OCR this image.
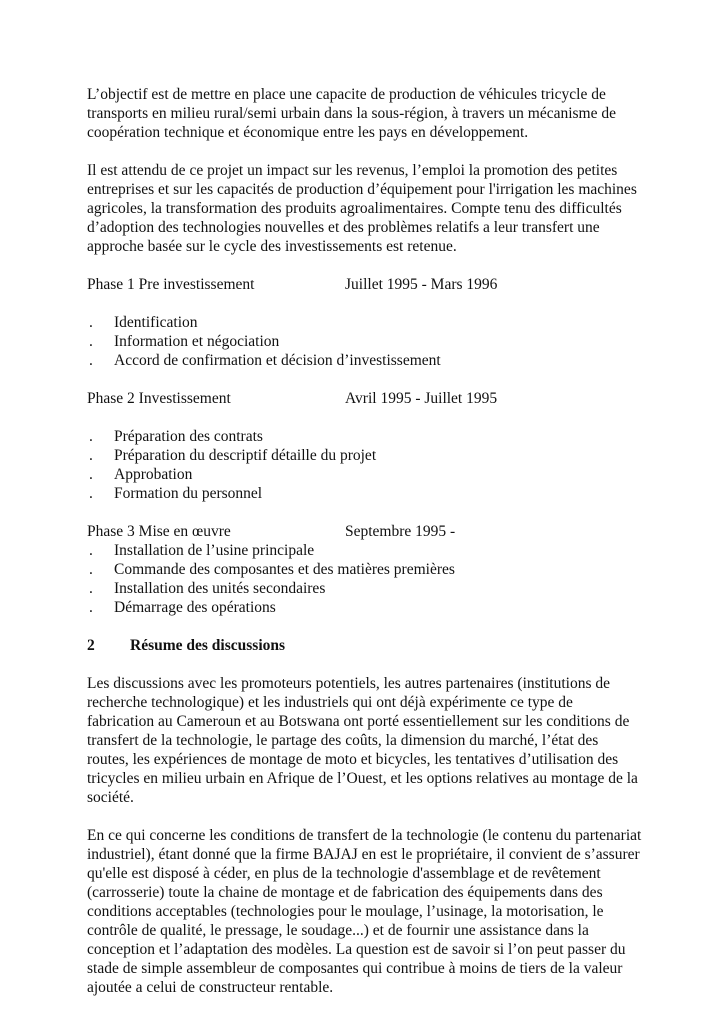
L’objectif est de mettre en place une capacite de production de véhicules tricycle de transports en milieu rural/semi urbain dans la sous-région, à travers un mécanisme de coopération technique et économique entre les pays en développement.

Il est attendu de ce projet un impact sur les revenus, l’emploi la promotion des petites entreprises et sur les capacités de production d’équipement pour l'irrigation les machines agricoles, la transformation des produits agroalimentaires. Compte tenu des difficultés d’adoption des technologies nouvelles et des problèmes relatifs a leur transfert une approche basée sur le cycle des investissements est retenue.

Phase 1 Pre investissement	Juillet 1995 - Mars 1996
.	Identification
.	Information et négociation
.	Accord de confirmation et décision d’investissement
Phase 2 Investissement	Avril 1995 - Juillet 1995
.	Préparation des contrats
.	Préparation du descriptif détaille du projet
.	Approbation
.	Formation du personnel
Phase 3 Mise en œuvre	Septembre 1995 -
.	Installation de l’usine principale
.	Commande des composantes et des matières premières
.	Installation des unités secondaires
.	Démarrage des opérations
2	Résume des discussions

Les discussions avec les promoteurs potentiels, les autres partenaires (institutions de recherche technologique) et les industriels qui ont déjà expérimente ce type de fabrication au Cameroun et au Botswana ont porté essentiellement sur les conditions de transfert de la technologie, le partage des coûts, la dimension du marché, l’état des routes, les expériences de montage de moto et bicycles, les tentatives d’utilisation des tricycles en milieu urbain en Afrique de l’Ouest, et les options relatives au montage de la société.

En ce qui concerne les conditions de transfert de la technologie (le contenu du partenariat industriel), étant donné que la firme BAJAJ en est le propriétaire, il convient de s’assurer qu'elle est disposé à céder, en plus de la technologie d'assemblage et de revêtement (carrosserie) toute la chaine de montage et de fabrication des équipements dans des conditions acceptables (technologies pour le moulage, l’usinage, la motorisation, le contrôle de qualité, le pressage, le soudage...) et de fournir une assistance dans la conception et l’adaptation des modèles. La question est de savoir si l’on peut passer du stade de simple assembleur de composantes qui contribue à moins de tiers de la valeur ajoutée a celui de constructeur rentable.
